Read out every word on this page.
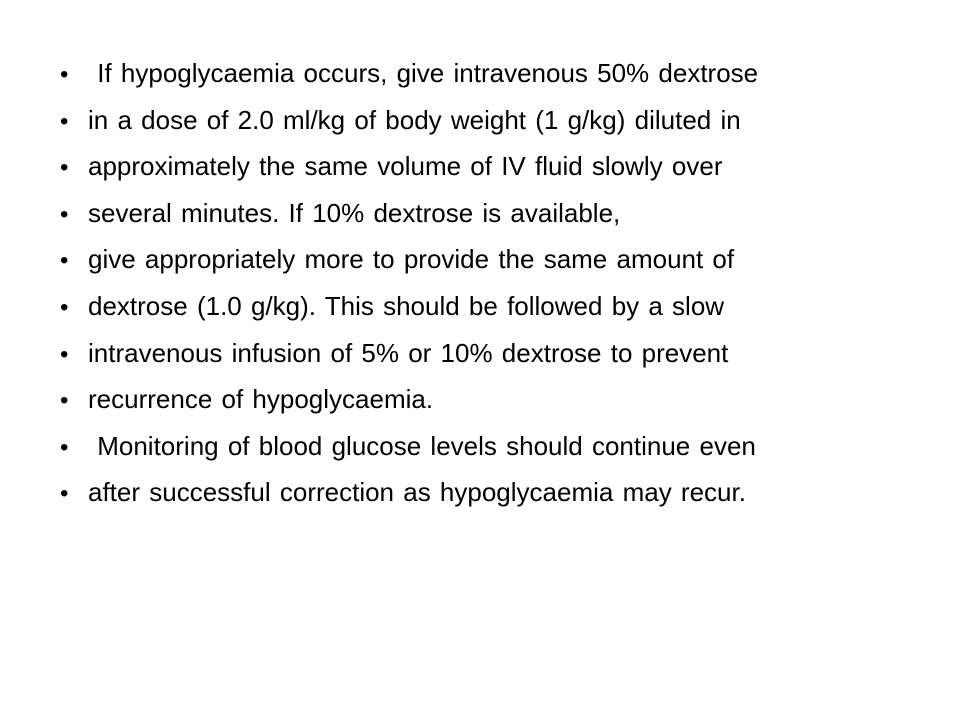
• If hypoglycaemia occurs, give intravenous 50% dextrose
• in a dose of 2.0 ml/kg of body weight (1 g/kg) diluted in
• approximately the same volume of IV fluid slowly over
• several minutes. If 10% dextrose is available,
• give appropriately more to provide the same amount of
• dextrose (1.0 g/kg). This should be followed by a slow
• intravenous infusion of 5% or 10% dextrose to prevent
• recurrence of hypoglycaemia.
• Monitoring of blood glucose levels should continue even
• after successful correction as hypoglycaemia may recur.
